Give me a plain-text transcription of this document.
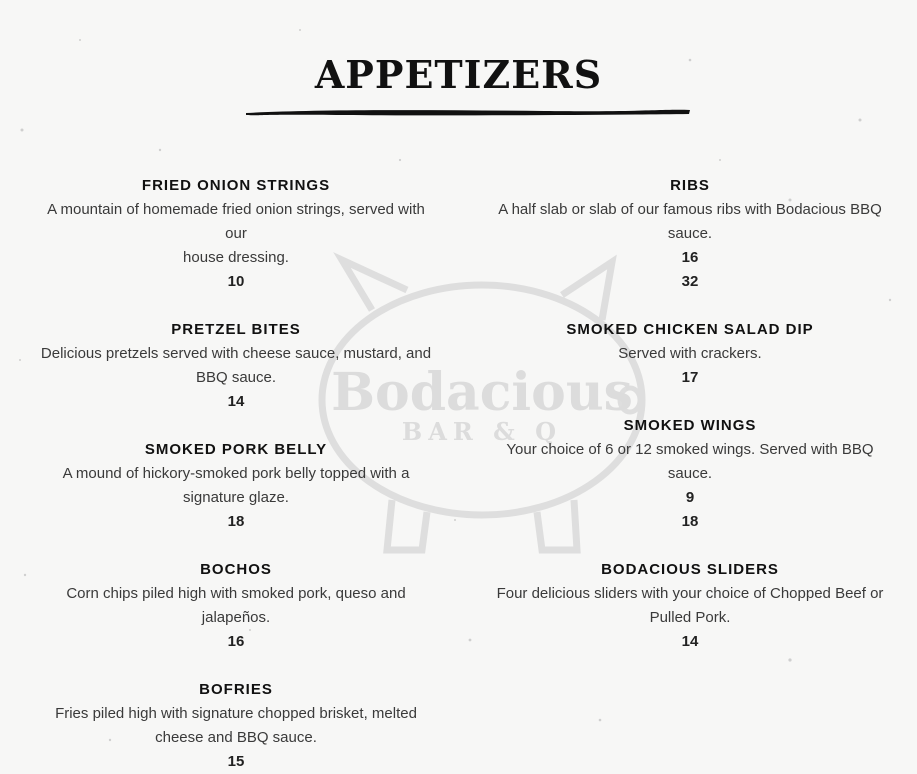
APPETIZERS
Bodacious
BAR & Q
FRIED ONION STRINGS
A mountain of homemade fried onion strings, served with our
house dressing.
10
PRETZEL BITES
Delicious pretzels served with cheese sauce, mustard, and
BBQ sauce.
14
SMOKED PORK BELLY
A mound of hickory-smoked pork belly topped with a
signature glaze.
18
BOCHOS
Corn chips piled high with smoked pork, queso and jalapeños.
16
BOFRIES
Fries piled high with signature chopped brisket, melted
cheese and BBQ sauce.
15
RIBS
A half slab or slab of our famous ribs with Bodacious BBQ
sauce.
16
32
SMOKED CHICKEN SALAD DIP
Served with crackers.
17
SMOKED WINGS
Your choice of 6 or 12 smoked wings. Served with BBQ
sauce.
9
18
BODACIOUS SLIDERS
Four delicious sliders with your choice of Chopped Beef or
Pulled Pork.
14
